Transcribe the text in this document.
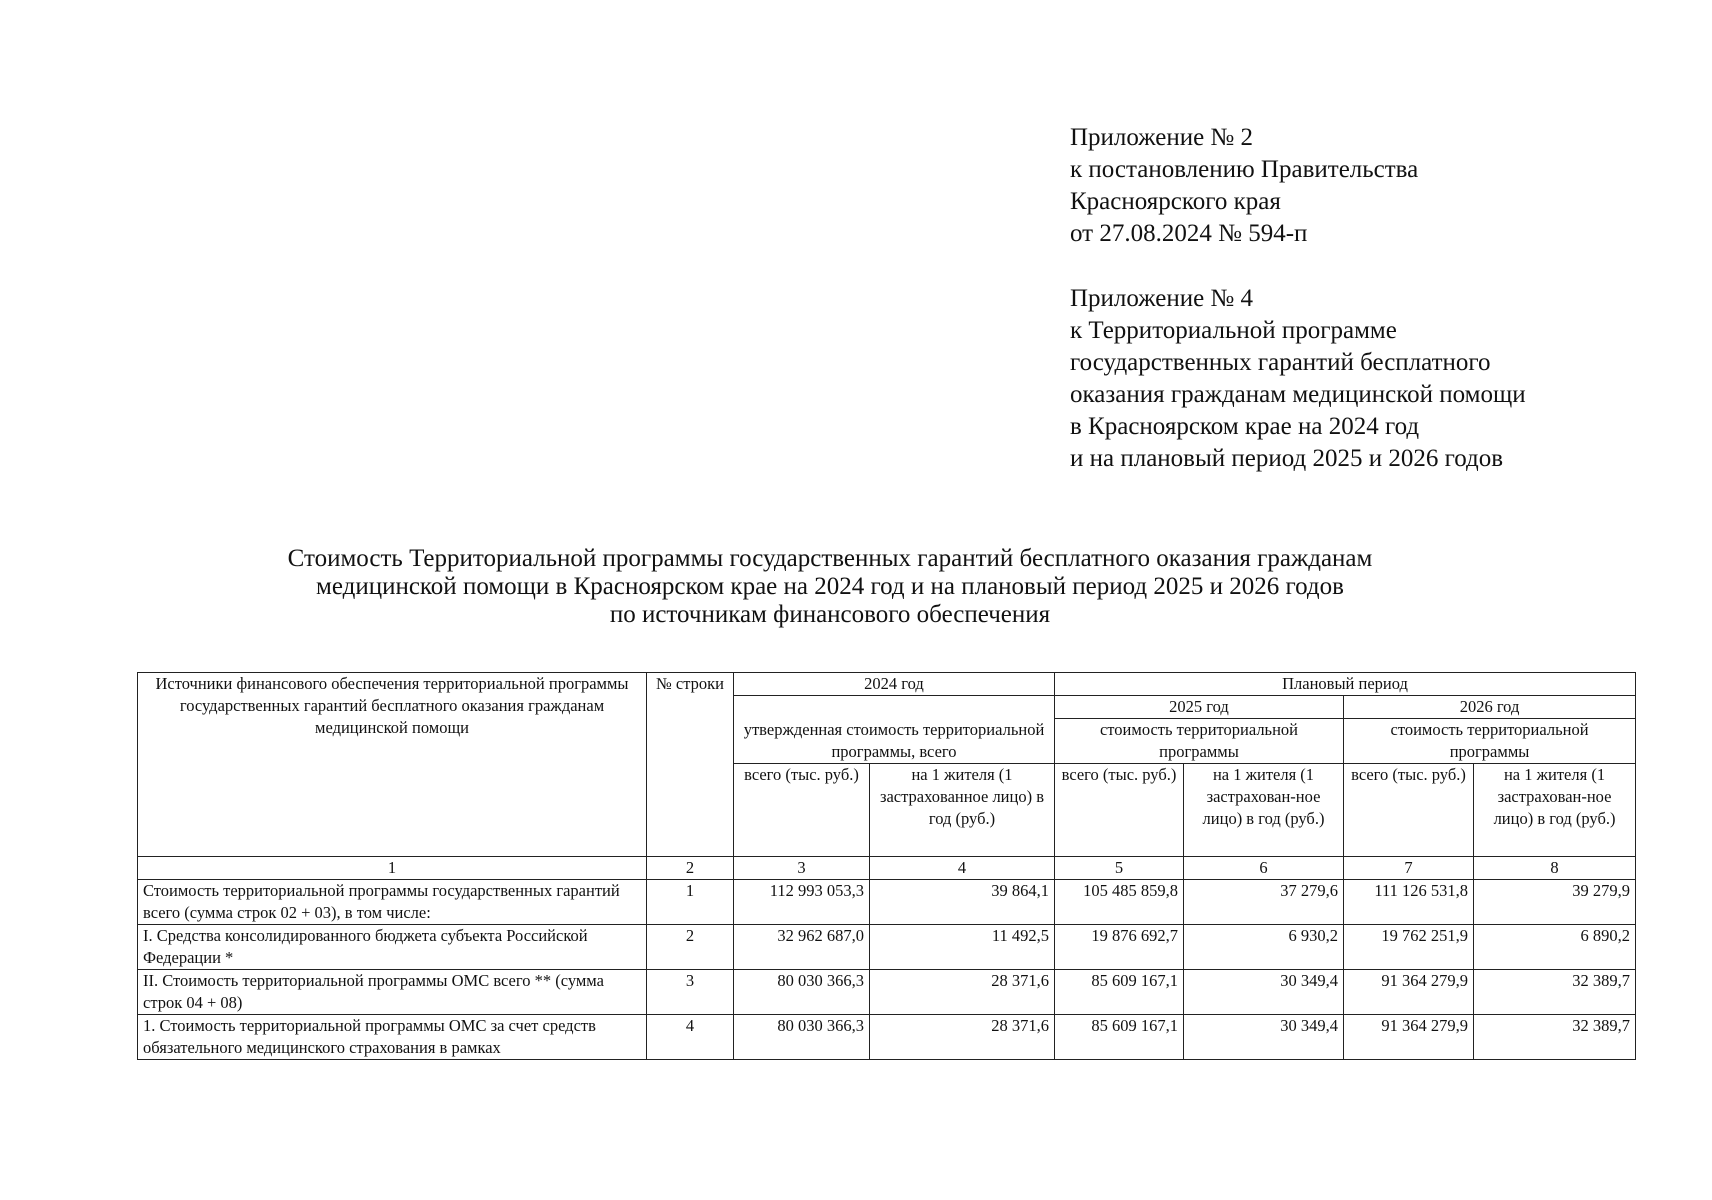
Приложение № 2
к постановлению Правительства
Красноярского края
от 27.08.2024 № 594-п
Приложение № 4
к Территориальной программе
государственных гарантий бесплатного
оказания гражданам медицинской помощи
в Красноярском крае на 2024 год
и на плановый период 2025 и 2026 годов
Стоимость Территориальной программы государственных гарантий бесплатного оказания гражданам
медицинской помощи в Красноярском крае на 2024 год и на плановый период 2025 и 2026 годов
по источникам финансового обеспечения
Источники финансового обеспечения территориальной программы государственных гарантий бесплатного оказания гражданам медицинской помощи	№ строки	2024 год		Плановый период			
		утвержденная стоимость территориальной программы, всего		2025 год		2026 год	
				стоимость территориальной программы		стоимость территориальной программы	
		всего (тыс. руб.)	на 1 жителя (1 застрахованное лицо) в год (руб.)	всего (тыс. руб.)	на 1 жителя (1 застрахован-ное лицо) в год (руб.)	всего (тыс. руб.)	на 1 жителя (1 застрахован-ное лицо) в год (руб.)
1	2	3	4	5	6	7	8
Стоимость территориальной программы государственных гарантий всего (сумма строк 02 + 03), в том числе:	1	112 993 053,3	39 864,1	105 485 859,8	37 279,6	111 126 531,8	39 279,9
I. Средства консолидированного бюджета субъекта Российской Федерации *	2	32 962 687,0	11 492,5	19 876 692,7	6 930,2	19 762 251,9	6 890,2
II. Стоимость территориальной программы ОМС всего ** (сумма строк 04 + 08)	3	80 030 366,3	28 371,6	85 609 167,1	30 349,4	91 364 279,9	32 389,7
1. Стоимость территориальной программы ОМС за счет средств обязательного медицинского страхования в рамках	4	80 030 366,3	28 371,6	85 609 167,1	30 349,4	91 364 279,9	32 389,7
